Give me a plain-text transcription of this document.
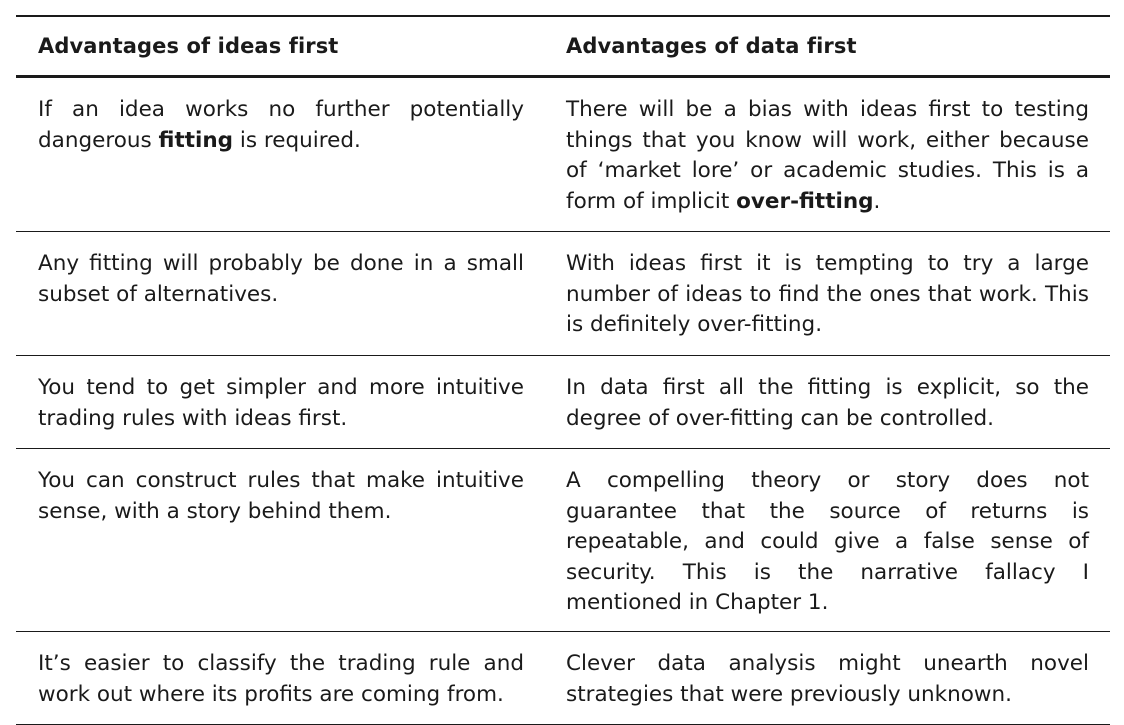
Advantages of ideas first	Advantages of data first
If an idea works no further potentially dangerous fitting is required.	There will be a bias with ideas first to testing things that you know will work, either because of ‘market lore’ or academic studies. This is a form of implicit over-fitting.
Any fitting will probably be done in a small subset of alternatives.	With ideas first it is tempting to try a large number of ideas to find the ones that work. This is definitely over-fitting.
You tend to get simpler and more intuitive trading rules with ideas first.	In data first all the fitting is explicit, so the degree of over-fitting can be controlled.
You can construct rules that make intuitive sense, with a story behind them.	A compelling theory or story does not guarantee that the source of returns is repeatable, and could give a false sense of security. This is the narrative fallacy I mentioned in Chapter 1.
It’s easier to classify the trading rule and work out where its profits are coming from.	Clever data analysis might unearth novel strategies that were previously unknown.
